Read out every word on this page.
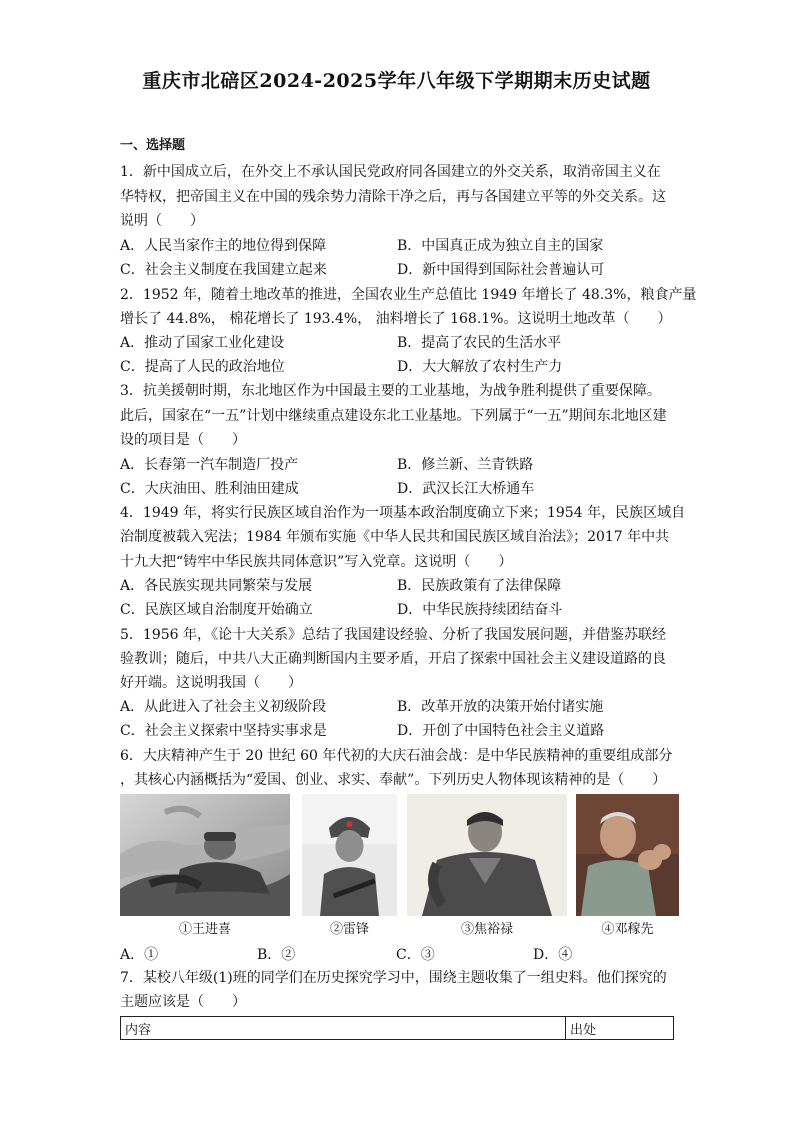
重庆市北碚区2024-2025学年八年级下学期期末历史试题
一、选择题
1．新中国成立后，在外交上不承认国民党政府同各国建立的外交关系，取消帝国主义在
华特权，把帝国主义在中国的残余势力清除干净之后，再与各国建立平等的外交关系。这
说明（　　）
A．人民当家作主的地位得到保障	B．中国真正成为独立自主的国家
C．社会主义制度在我国建立起来	D．新中国得到国际社会普遍认可
2．1952 年，随着土地改革的推进，全国农业生产总值比 1949 年增长了 48.3%，粮食产量
增长了 44.8%， 棉花增长了 193.4%， 油料增长了 168.1%。这说明土地改革（　　）
A．推动了国家工业化建设	B．提高了农民的生活水平
C．提高了人民的政治地位	D．大大解放了农村生产力
3．抗美援朝时期，东北地区作为中国最主要的工业基地，为战争胜利提供了重要保障。
此后，国家在“一五”计划中继续重点建设东北工业基地。下列属于“一五”期间东北地区建
设的项目是（　　）
A．长春第一汽车制造厂投产	B．修兰新、兰青铁路
C．大庆油田、胜利油田建成	D．武汉长江大桥通车
4．1949 年，将实行民族区域自治作为一项基本政治制度确立下来；1954 年，民族区域自
治制度被载入宪法；1984 年颁布实施《中华人民共和国民族区域自治法》；2017 年中共
十九大把“铸牢中华民族共同体意识”写入党章。这说明（　　）
A．各民族实现共同繁荣与发展	B．民族政策有了法律保障
C．民族区域自治制度开始确立	D．中华民族持续团结奋斗
5．1956 年，《论十大关系》总结了我国建设经验、分析了我国发展问题，并借鉴苏联经
验教训；随后，中共八大正确判断国内主要矛盾，开启了探索中国社会主义建设道路的良
好开端。这说明我国（　　）
A．从此进入了社会主义初级阶段	B．改革开放的决策开始付诸实施
C．社会主义探索中坚持实事求是	D．开创了中国特色社会主义道路
6．大庆精神产生于 20 世纪 60 年代初的大庆石油会战：是中华民族精神的重要组成部分
，其核心内涵概括为“爱国、创业、求实、奉献”。下列历史人物体现该精神的是（　　）
①王进喜	②雷锋	③焦裕禄	④邓稼先
A．①	B．②	C．③	D．④
7．某校八年级(1)班的同学们在历史探究学习中，围绕主题收集了一组史料。他们探究的
主题应该是（　　）
内容	出处
